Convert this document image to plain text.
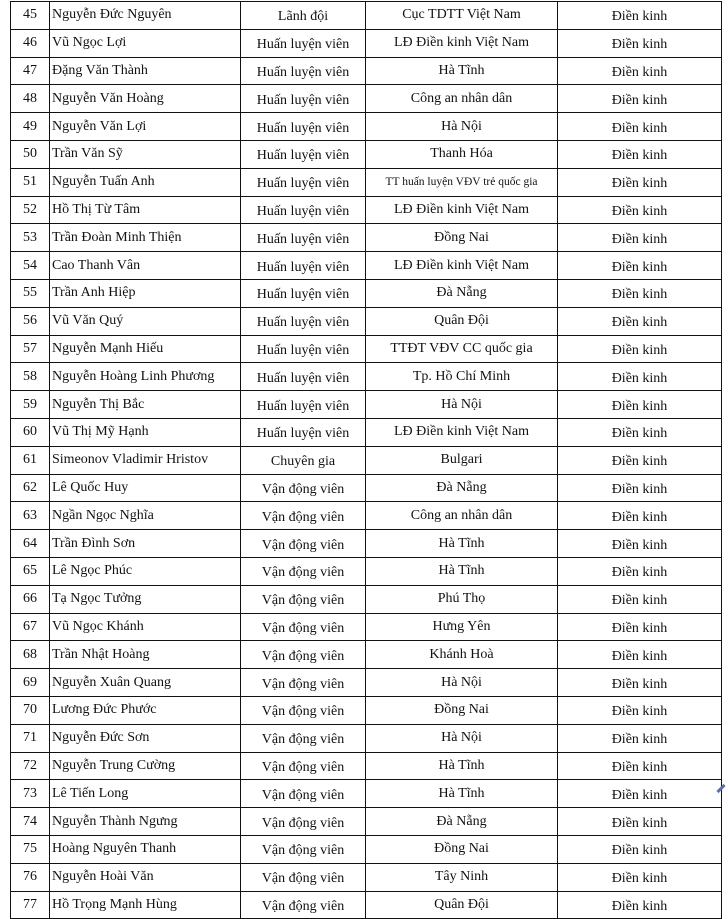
45	Nguyễn Đức Nguyên	Lãnh đội	Cục TDTT Việt Nam	Điền kinh
46	Vũ Ngọc Lợi	Huấn luyện viên	LĐ Điền kinh Việt Nam	Điền kinh
47	Đặng Văn Thành	Huấn luyện viên	Hà Tĩnh	Điền kinh
48	Nguyễn Văn Hoàng	Huấn luyện viên	Công an nhân dân	Điền kinh
49	Nguyễn Văn Lợi	Huấn luyện viên	Hà Nội	Điền kinh
50	Trần Văn Sỹ	Huấn luyện viên	Thanh Hóa	Điền kinh
51	Nguyễn Tuấn Anh	Huấn luyện viên	TT huấn luyện VĐV trẻ quốc gia	Điền kinh
52	Hồ Thị Từ Tâm	Huấn luyện viên	LĐ Điền kinh Việt Nam	Điền kinh
53	Trần Đoàn Minh Thiện	Huấn luyện viên	Đồng Nai	Điền kinh
54	Cao Thanh Vân	Huấn luyện viên	LĐ Điền kinh Việt Nam	Điền kinh
55	Trần Anh Hiệp	Huấn luyện viên	Đà Nẵng	Điền kinh
56	Vũ Văn Quý	Huấn luyện viên	Quân Đội	Điền kinh
57	Nguyễn Mạnh Hiếu	Huấn luyện viên	TTĐT VĐV CC quốc gia	Điền kinh
58	Nguyễn Hoàng Linh Phương	Huấn luyện viên	Tp. Hồ Chí Minh	Điền kinh
59	Nguyễn Thị Bắc	Huấn luyện viên	Hà Nội	Điền kinh
60	Vũ Thị Mỹ Hạnh	Huấn luyện viên	LĐ Điền kinh Việt Nam	Điền kinh
61	Simeonov Vladimir Hristov	Chuyên gia	Bulgari	Điền kinh
62	Lê Quốc Huy	Vận động viên	Đà Nẵng	Điền kinh
63	Ngần Ngọc Nghĩa	Vận động viên	Công an nhân dân	Điền kinh
64	Trần Đình Sơn	Vận động viên	Hà Tĩnh	Điền kinh
65	Lê Ngọc Phúc	Vận động viên	Hà Tĩnh	Điền kinh
66	Tạ Ngọc Tưởng	Vận động viên	Phú Thọ	Điền kinh
67	Vũ Ngọc Khánh	Vận động viên	Hưng Yên	Điền kinh
68	Trần Nhật Hoàng	Vận động viên	Khánh Hoà	Điền kinh
69	Nguyễn Xuân Quang	Vận động viên	Hà Nội	Điền kinh
70	Lương Đức Phước	Vận động viên	Đồng Nai	Điền kinh
71	Nguyễn Đức Sơn	Vận động viên	Hà Nội	Điền kinh
72	Nguyễn Trung Cường	Vận động viên	Hà Tĩnh	Điền kinh
73	Lê Tiến Long	Vận động viên	Hà Tĩnh	Điền kinh
74	Nguyễn Thành Ngưng	Vận động viên	Đà Nẵng	Điền kinh
75	Hoàng Nguyên Thanh	Vận động viên	Đồng Nai	Điền kinh
76	Nguyễn Hoài Văn	Vận động viên	Tây Ninh	Điền kinh
77	Hồ Trọng Mạnh Hùng	Vận động viên	Quân Đội	Điền kinh
